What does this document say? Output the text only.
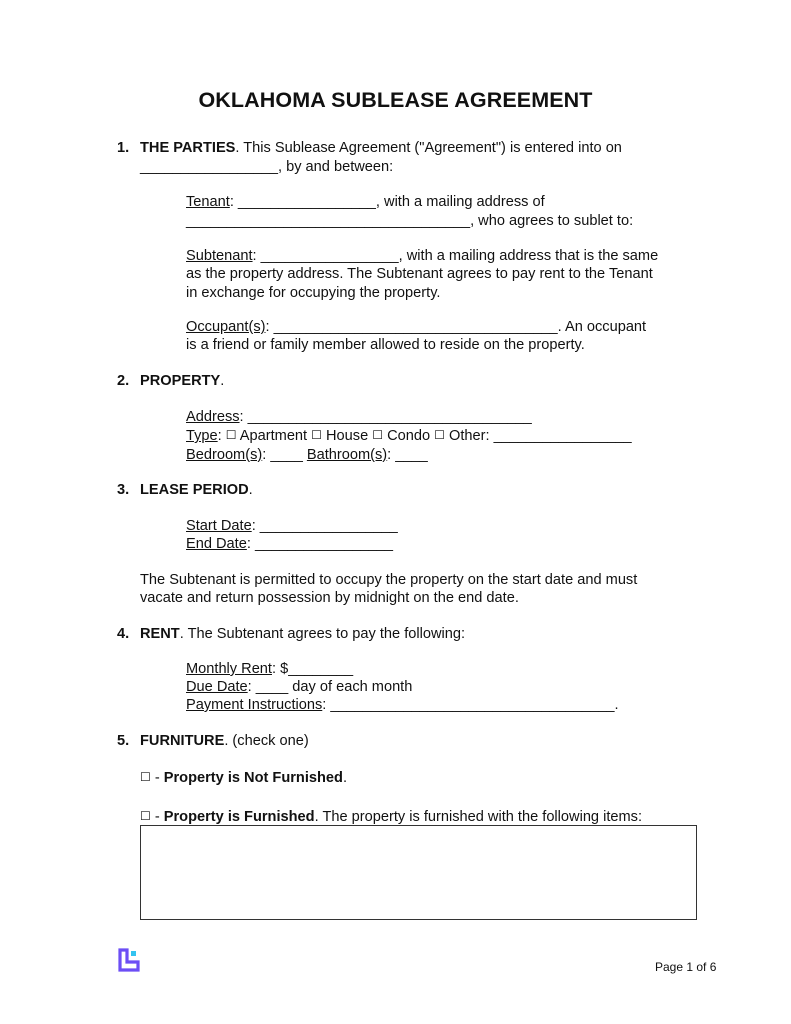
OKLAHOMA SUBLEASE AGREEMENT
1. THE PARTIES. This Sublease Agreement ("Agreement") is entered into on
_________________, by and between:
Tenant: _________________, with a mailing address of
___________________________________, who agrees to sublet to:
Subtenant: _________________, with a mailing address that is the same
as the property address. The Subtenant agrees to pay rent to the Tenant
in exchange for occupying the property.
Occupant(s): ___________________________________. An occupant
is a friend or family member allowed to reside on the property.
2. PROPERTY.
Address: ___________________________________
Type: ☐ Apartment ☐ House ☐ Condo ☐ Other: _________________
Bedroom(s): ____ Bathroom(s): ____
3. LEASE PERIOD.
Start Date: _________________
End Date: _________________
The Subtenant is permitted to occupy the property on the start date and must
vacate and return possession by midnight on the end date.
4. RENT. The Subtenant agrees to pay the following:
Monthly Rent: $________
Due Date: ____ day of each month
Payment Instructions: ___________________________________.
5. FURNITURE. (check one)
☐ - Property is Not Furnished.
☐ - Property is Furnished. The property is furnished with the following items:
Page 1 of 6
